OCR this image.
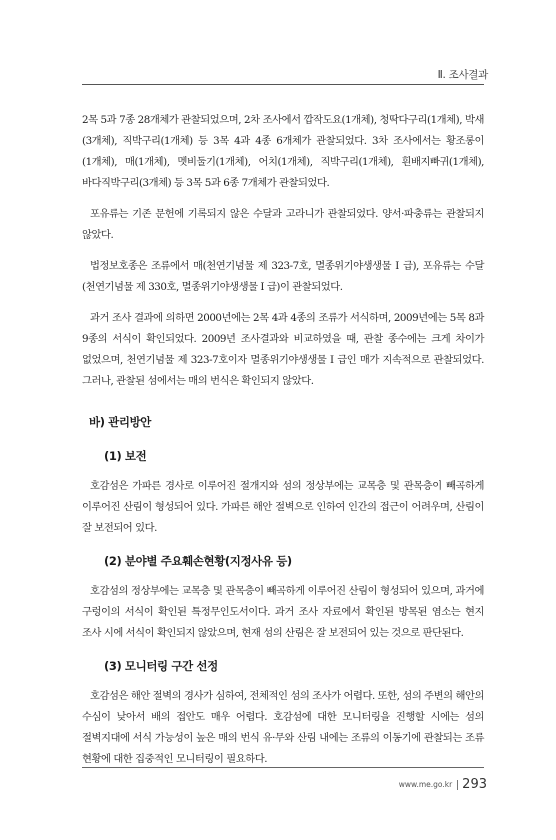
Ⅱ. 조사결과

2목 5과 7종 28개체가 관찰되었으며, 2차 조사에서 깝작도요(1개체), 청딱다구리(1개체), 박새(3개체), 직박구리(1개체) 등 3목 4과 4종 6개체가 관찰되었다. 3차 조사에서는 황조롱이(1개체), 매(1개체), 멧비둘기(1개체), 어치(1개체), 직박구리(1개체), 흰배지빠귀(1개체), 바다직박구리(3개체) 등 3목 5과 6종 7개체가 관찰되었다.

포유류는 기존 문헌에 기록되지 않은 수달과 고라니가 관찰되었다. 양서·파충류는 관찰되지 않았다.

법정보호종은 조류에서 매(천연기념물 제 323-7호, 멸종위기야생생물 I 급), 포유류는 수달(천연기념물 제 330호, 멸종위기야생생물 I 급)이 관찰되었다.

과거 조사 결과에 의하면 2000년에는 2목 4과 4종의 조류가 서식하며, 2009년에는 5목 8과 9종의 서식이 확인되었다. 2009년 조사결과와 비교하였을 때, 관찰 종수에는 크게 차이가 없었으며, 천연기념물 제 323-7호이자 멸종위기야생생물 I 급인 매가 지속적으로 관찰되었다. 그러나, 관찰된 섬에서는 매의 번식은 확인되지 않았다.

바) 관리방안
(1) 보전

호감섬은 가파른 경사로 이루어진 절개지와 섬의 정상부에는 교목층 및 관목층이 빼곡하게 이루어진 산림이 형성되어 있다. 가파른 해안 절벽으로 인하여 인간의 접근이 어려우며, 산림이 잘 보전되어 있다.

(2) 분야별 주요훼손현황(지정사유 등)

호감섬의 정상부에는 교목층 및 관목층이 빼곡하게 이루어진 산림이 형성되어 있으며, 과거에 구렁이의 서식이 확인된 특정무인도서이다. 과거 조사 자료에서 확인된 방목된 염소는 현지 조사 시에 서식이 확인되지 않았으며, 현재 섬의 산림은 잘 보전되어 있는 것으로 판단된다.

(3) 모니터링 구간 선정

호감섬은 해안 절벽의 경사가 심하여, 전체적인 섬의 조사가 어렵다. 또한, 섬의 주변의 해안의 수심이 낮아서 배의 접안도 매우 어렵다. 호감섬에 대한 모니터링을 진행할 시에는 섬의 절벽지대에 서식 가능성이 높은 매의 번식 유·무와 산림 내에는 조류의 이동기에 관찰되는 조류 현황에 대한 집중적인 모니터링이 필요하다.

www.me.go.kr 293
